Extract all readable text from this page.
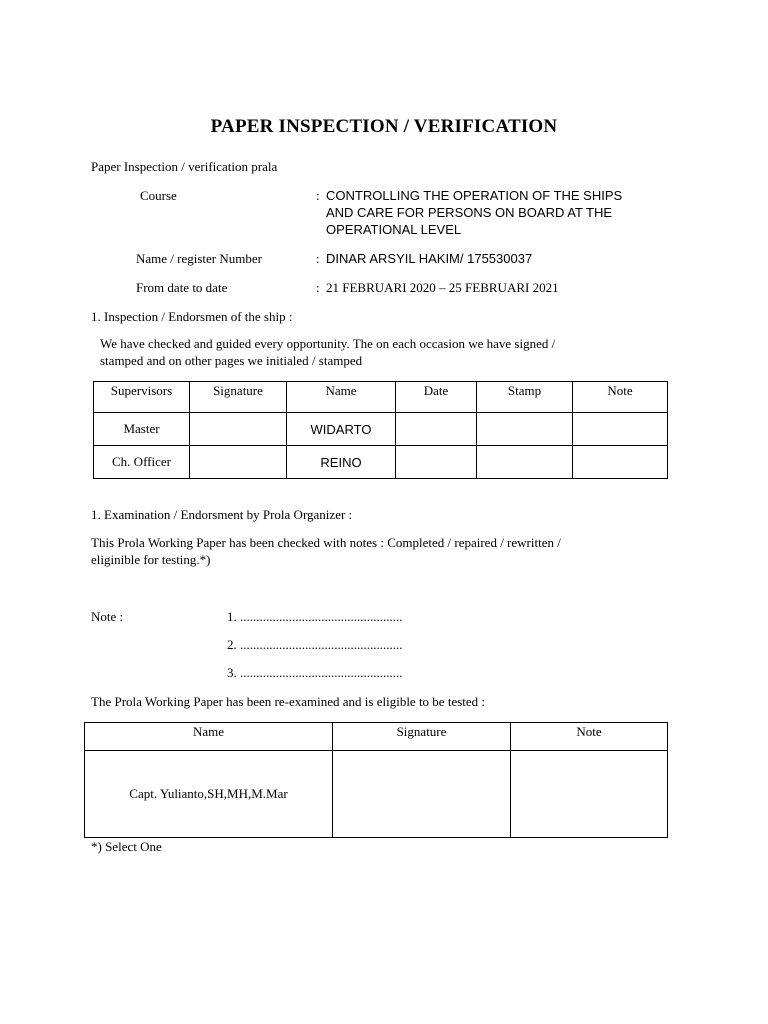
PAPER INSPECTION / VERIFICATION
Paper Inspection / verification prala
Course	: CONTROLLING THE OPERATION OF THE SHIPS
AND CARE FOR PERSONS ON BOARD AT THE
OPERATIONAL LEVEL
Name / register Number	: DINAR ARSYIL HAKIM/ 175530037
From date to date	: 21 FEBRUARI 2020 – 25 FEBRUARI 2021
1. Inspection / Endorsmen of the ship :
We have checked and guided every opportunity. The on each occasion we have signed /
stamped and on other pages we initialed / stamped
Supervisors	Signature	Name	Date	Stamp	Note
Master		WIDARTO			
Ch. Officer		REINO			
1. Examination / Endorsment by Prola Organizer :
This Prola Working Paper has been checked with notes : Completed / repaired / rewritten /
eliginible for testing.*)
Note :	1. ..................................................
2. ..................................................
3. ..................................................
The Prola Working Paper has been re-examined and is eligible to be tested :
Name	Signature	Note
Capt. Yulianto,SH,MH,M.Mar		
*) Select One
